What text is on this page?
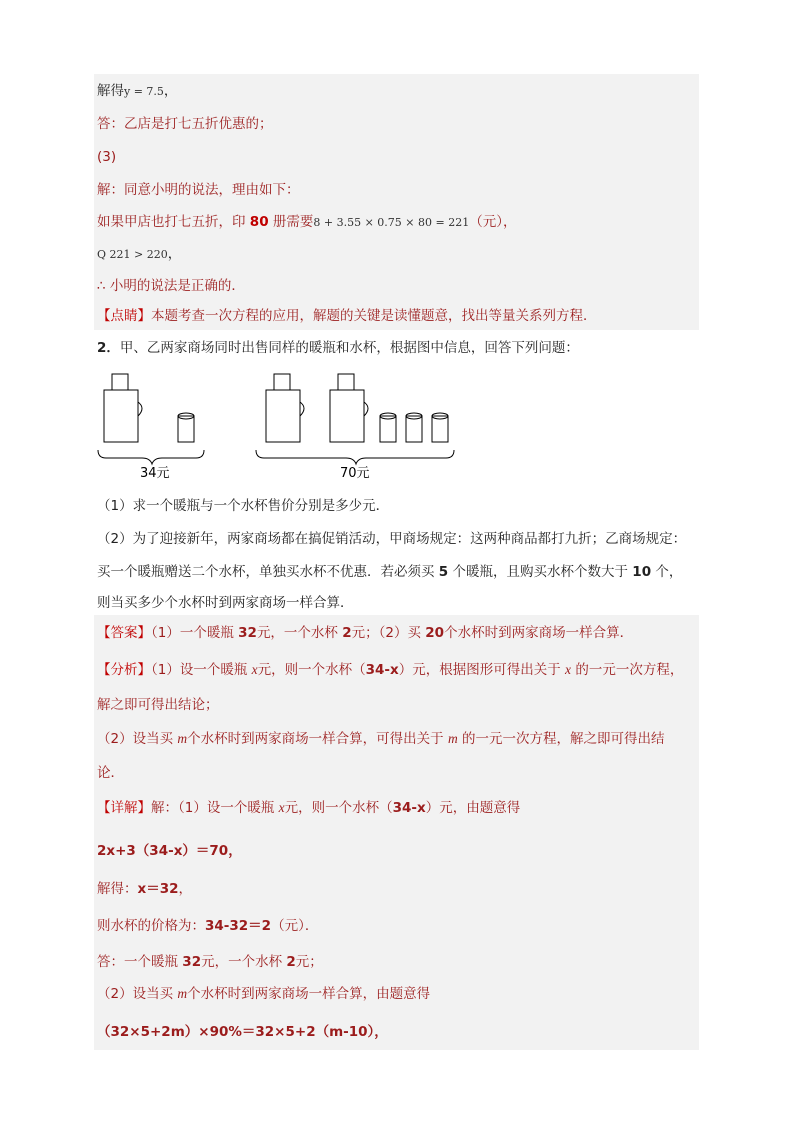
解得y = 7.5，
答：乙店是打七五折优惠的；
(3)
解：同意小明的说法，理由如下：
如果甲店也打七五折，印 80 册需要8 + 3.55 × 0.75 × 80 = 221（元），
Q 221 > 220，
∴ 小明的说法是正确的．
【点睛】本题考查一次方程的应用，解题的关键是读懂题意，找出等量关系列方程．
2．甲、乙两家商场同时出售同样的暖瓶和水杯，根据图中信息，回答下列问题：
34元	70元
（1）求一个暖瓶与一个水杯售价分别是多少元．
（2）为了迎接新年，两家商场都在搞促销活动，甲商场规定：这两种商品都打九折；乙商场规定：
买一个暖瓶赠送二个水杯，单独买水杯不优惠．若必须买 5 个暖瓶，且购买水杯个数大于 10 个，
则当买多少个水杯时到两家商场一样合算．
【答案】（1）一个暖瓶 32元，一个水杯 2元；（2）买 20个水杯时到两家商场一样合算．
【分析】（1）设一个暖瓶 x元，则一个水杯（34-x）元，根据图形可得出关于 x 的一元一次方程，
解之即可得出结论；
（2）设当买 m个水杯时到两家商场一样合算，可得出关于 m 的一元一次方程，解之即可得出结
论．
【详解】解：（1）设一个暖瓶 x元，则一个水杯（34-x）元，由题意得
2x+3（34-x）＝70，
解得：x＝32，
则水杯的价格为：34-32＝2（元）．
答：一个暖瓶 32元，一个水杯 2元；
（2）设当买 m个水杯时到两家商场一样合算，由题意得
（32×5+2m）×90%＝32×5+2（m-10），
